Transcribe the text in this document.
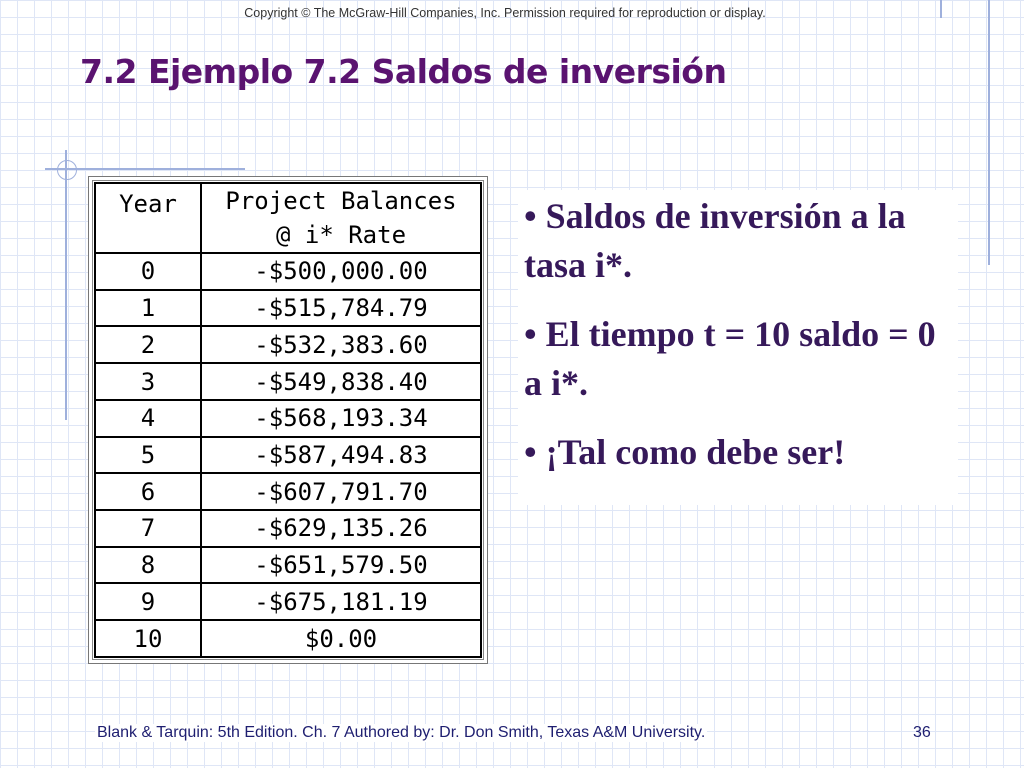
Copyright © The McGraw-Hill Companies, Inc. Permission required for reproduction or display.
7.2 Ejemplo 7.2 Saldos de inversión
Year	Project Balances
@ i* Rate

0	-$500,000.00
1	-$515,784.79
2	-$532,383.60
3	-$549,838.40
4	-$568,193.34
5	-$587,494.83
6	-$607,791.70
7	-$629,135.26
8	-$651,579.50
9	-$675,181.19
10	$0.00

• Saldos de inversión a la tasa i*.

• El tiempo t = 10 saldo = 0 a i*.

• ¡Tal como debe ser!

Blank & Tarquin: 5th Edition. Ch. 7 Authored by: Dr. Don Smith, Texas A&M University.	36
